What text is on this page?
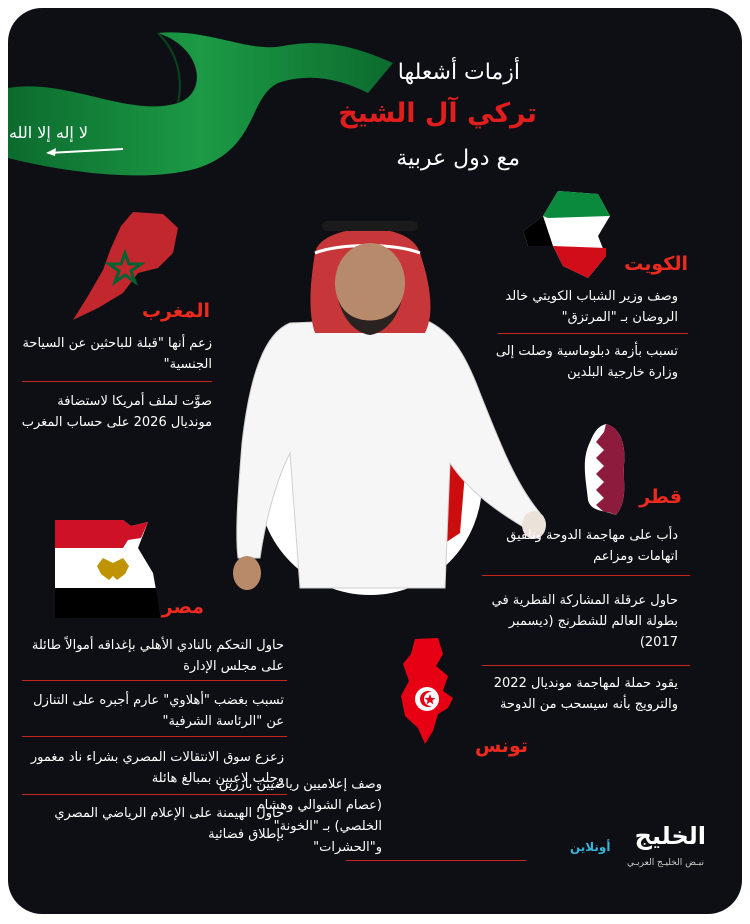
لا إله إلا الله
أزمات أشعلها
تركي آل الشيخ
مع دول عربية
الكويت
وصف وزير الشباب الكويتي خالد الروضان بـ "المرتزق"
تسبب بأزمة دبلوماسية وصلت إلى وزارة خارجية البلدين
قطر
دأب على مهاجمة الدوحة وتلفيق اتهامات ومزاعم
حاول عرقلة المشاركة القطرية في بطولة العالم للشطرنج (ديسمبر 2017)
يقود حملة لمهاجمة مونديال 2022 والترويج بأنه سيسحب من الدوحة
المغرب
زعم أنها "قبلة للباحثين عن السياحة الجنسية"
صوَّت لملف أمريكا لاستضافة مونديال 2026 على حساب المغرب
مصر
حاول التحكم بالنادي الأهلي بإغداقه أموالاً طائلة على مجلس الإدارة
تسبب بغضب "أهلاوي" عارم أجبره على التنازل عن "الرئاسة الشرفية"
زعزع سوق الانتقالات المصري بشراء ناد مغمور وجلب لاعبين بمبالغ هائلة
حاول الهيمنة على الإعلام الرياضي المصري بإطلاق فضائية
تونس
وصف إعلاميين رياضيين بارزين (عصام الشوالي وهشام الخلصي) بـ "الخونة" و"الحشرات"	الخليج
أونلاين
نبـض الخليـج العربـي
